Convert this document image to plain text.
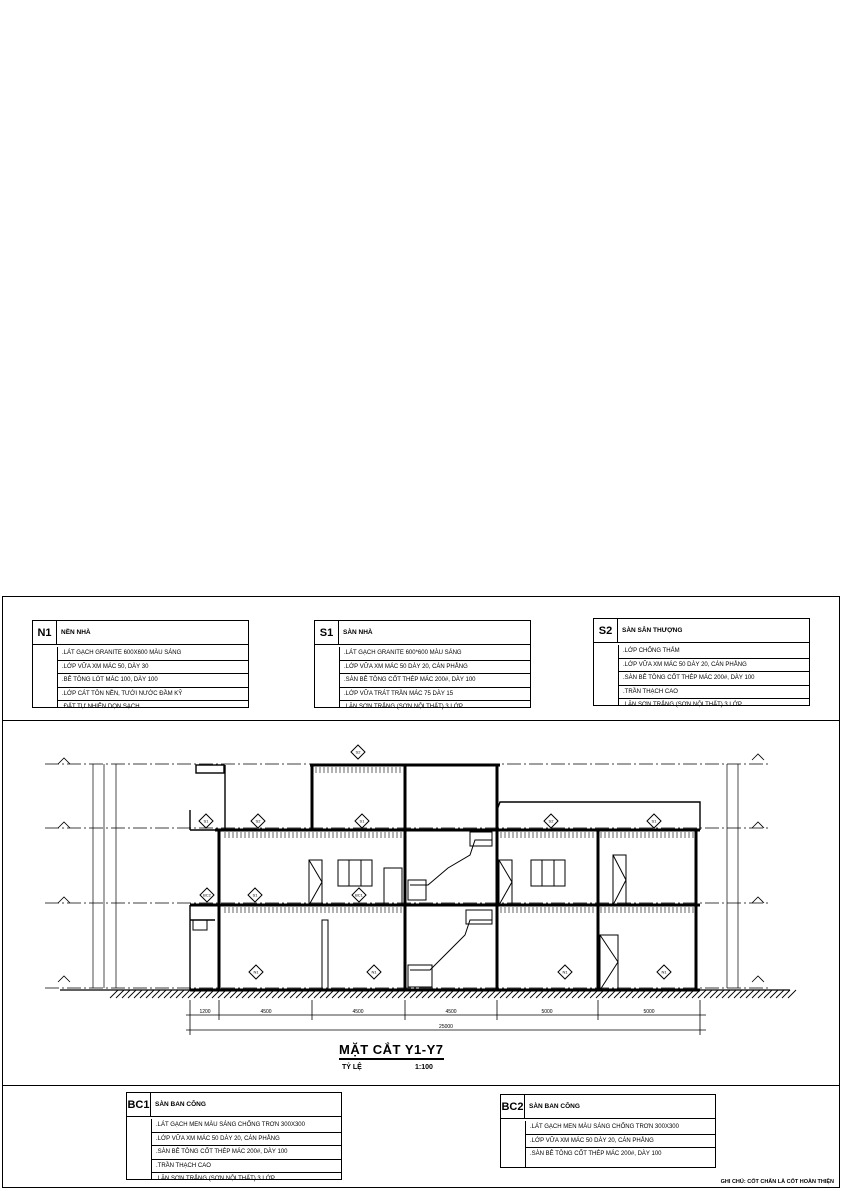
N1	NỀN NHÀ
.LÁT GẠCH GRANITE 600X600 MÀU SÁNG
.LỚP VỮA XM MÁC 50, DÀY 30
.BÊ TÔNG LÓT MÁC 100, DÀY 100
.LỚP CÁT TÔN NỀN, TƯỚI NƯỚC ĐẦM KỸ
.ĐẤT TỰ NHIÊN DỌN SẠCH
S1	SÀN NHÀ
.LÁT GẠCH GRANITE 600*600 MÀU SÁNG
.LỚP VỮA XM MÁC 50 DÀY 20, CÁN PHẲNG
.SÀN BÊ TÔNG CỐT THÉP MÁC 200#, DÀY 100
.LỚP VỮA TRÁT TRẦN MÁC 75 DÀY 15
.LĂN SƠN TRẮNG (SƠN NỘI THẤT) 3 LỚP
S2	SÀN SÂN THƯỢNG
.LỚP CHỐNG THẤM
.LỚP VỮA XM MÁC 50 DÀY 20, CÁN PHẲNG
.SÀN BÊ TÔNG CỐT THÉP MÁC 200#, DÀY 100
.TRẦN THẠCH CAO
.LĂN SƠN TRẮNG (SƠN NỘI THẤT) 3 LỚP
1200	4500	4500	4500	5000	5000
25000
S2
S1	S2	S1	S2	S1
S1
BC2	BC1
N1	N1	N1	N1
MẶT CẮT Y1-Y7
TỶ LỆ	1:100
BC1 SÀN BAN CÔNG
.LÁT GẠCH MEN MÀU SÁNG CHỐNG TRƠN 300X300
.LỚP VỮA XM MÁC 50 DÀY 20, CÁN PHẲNG
.SÀN BÊ TÔNG CỐT THÉP MÁC 200#, DÀY 100
.TRẦN THẠCH CAO
.LĂN SƠN TRẮNG (SƠN NỘI THẤT) 3 LỚP
BC2 SÀN BAN CÔNG
.LÁT GẠCH MEN MÀU SÁNG CHỐNG TRƠN 300X300
.LỚP VỮA XM MÁC 50 DÀY 20, CÁN PHẲNG
.SÀN BÊ TÔNG CỐT THÉP MÁC 200#, DÀY 100
GHI CHÚ: CỐT CHẤN LÀ CỐT HOÀN THIỆN
